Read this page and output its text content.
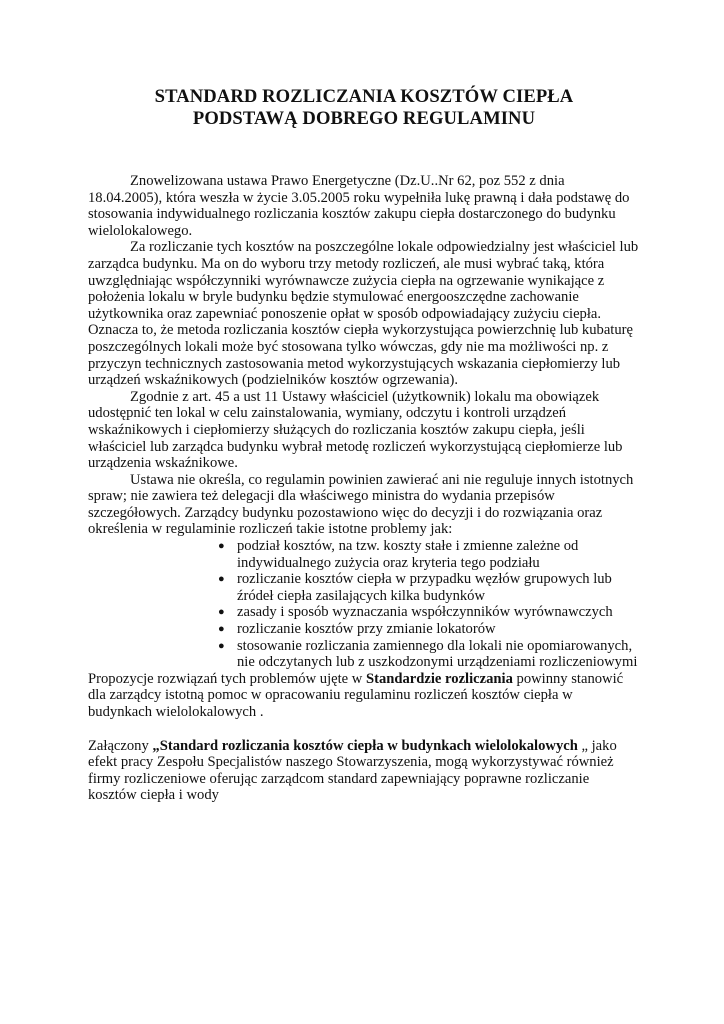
STANDARD ROZLICZANIA KOSZTÓW CIEPŁA
PODSTAWĄ DOBREGO REGULAMINU

Znowelizowana ustawa Prawo Energetyczne (Dz.U..Nr 62, poz 552 z dnia 18.04.2005), która weszła w życie 3.05.2005 roku wypełniła lukę prawną i dała podstawę do stosowania indywidualnego rozliczania kosztów zakupu ciepła dostarczonego do budynku wielolokalowego.

Za rozliczanie tych kosztów na poszczególne lokale odpowiedzialny jest właściciel lub zarządca budynku. Ma on do wyboru trzy metody rozliczeń, ale musi wybrać taką, która uwzględniając współczynniki wyrównawcze zużycia ciepła na ogrzewanie wynikające z położenia lokalu w bryle budynku będzie stymulować energooszczędne zachowanie użytkownika oraz zapewniać ponoszenie opłat w sposób odpowiadający zużyciu ciepła. Oznacza to, że metoda rozliczania kosztów ciepła wykorzystująca powierzchnię lub kubaturę poszczególnych lokali może być stosowana tylko wówczas, gdy nie ma możliwości np. z przyczyn technicznych zastosowania metod wykorzystujących wskazania ciepłomierzy lub urządzeń wskaźnikowych (podzielników kosztów ogrzewania).

Zgodnie z art. 45 a ust 11 Ustawy właściciel (użytkownik) lokalu ma obowiązek udostępnić ten lokal w celu zainstalowania, wymiany, odczytu i kontroli urządzeń wskaźnikowych i ciepłomierzy służących do rozliczania kosztów zakupu ciepła, jeśli właściciel lub zarządca budynku wybrał metodę rozliczeń wykorzystującą ciepłomierze lub urządzenia wskaźnikowe.

Ustawa nie określa, co regulamin powinien zawierać ani nie reguluje innych istotnych spraw; nie zawiera też delegacji dla właściwego ministra do wydania przepisów szczegółowych. Zarządcy budynku pozostawiono więc do decyzji i do rozwiązania oraz określenia w regulaminie rozliczeń takie istotne problemy jak:

● podział kosztów, na tzw. koszty stałe i zmienne zależne od indywidualnego zużycia oraz kryteria tego podziału
● rozliczanie kosztów ciepła w przypadku węzłów grupowych lub źródeł ciepła zasilających kilka budynków
● zasady i sposób wyznaczania współczynników wyrównawczych
● rozliczanie kosztów przy zmianie lokatorów
● stosowanie rozliczania zamiennego dla lokali nie opomiarowanych, nie odczytanych lub z uszkodzonymi urządzeniami rozliczeniowymi

Propozycje rozwiązań tych problemów ujęte w Standardzie rozliczania powinny stanowić dla zarządcy istotną pomoc w opracowaniu regulaminu rozliczeń kosztów ciepła w budynkach wielolokalowych .

Załączony „Standard rozliczania kosztów ciepła w budynkach wielolokalowych „ jako efekt pracy Zespołu Specjalistów naszego Stowarzyszenia, mogą wykorzystywać również firmy rozliczeniowe oferując zarządcom standard zapewniający poprawne rozliczanie kosztów ciepła i wody
